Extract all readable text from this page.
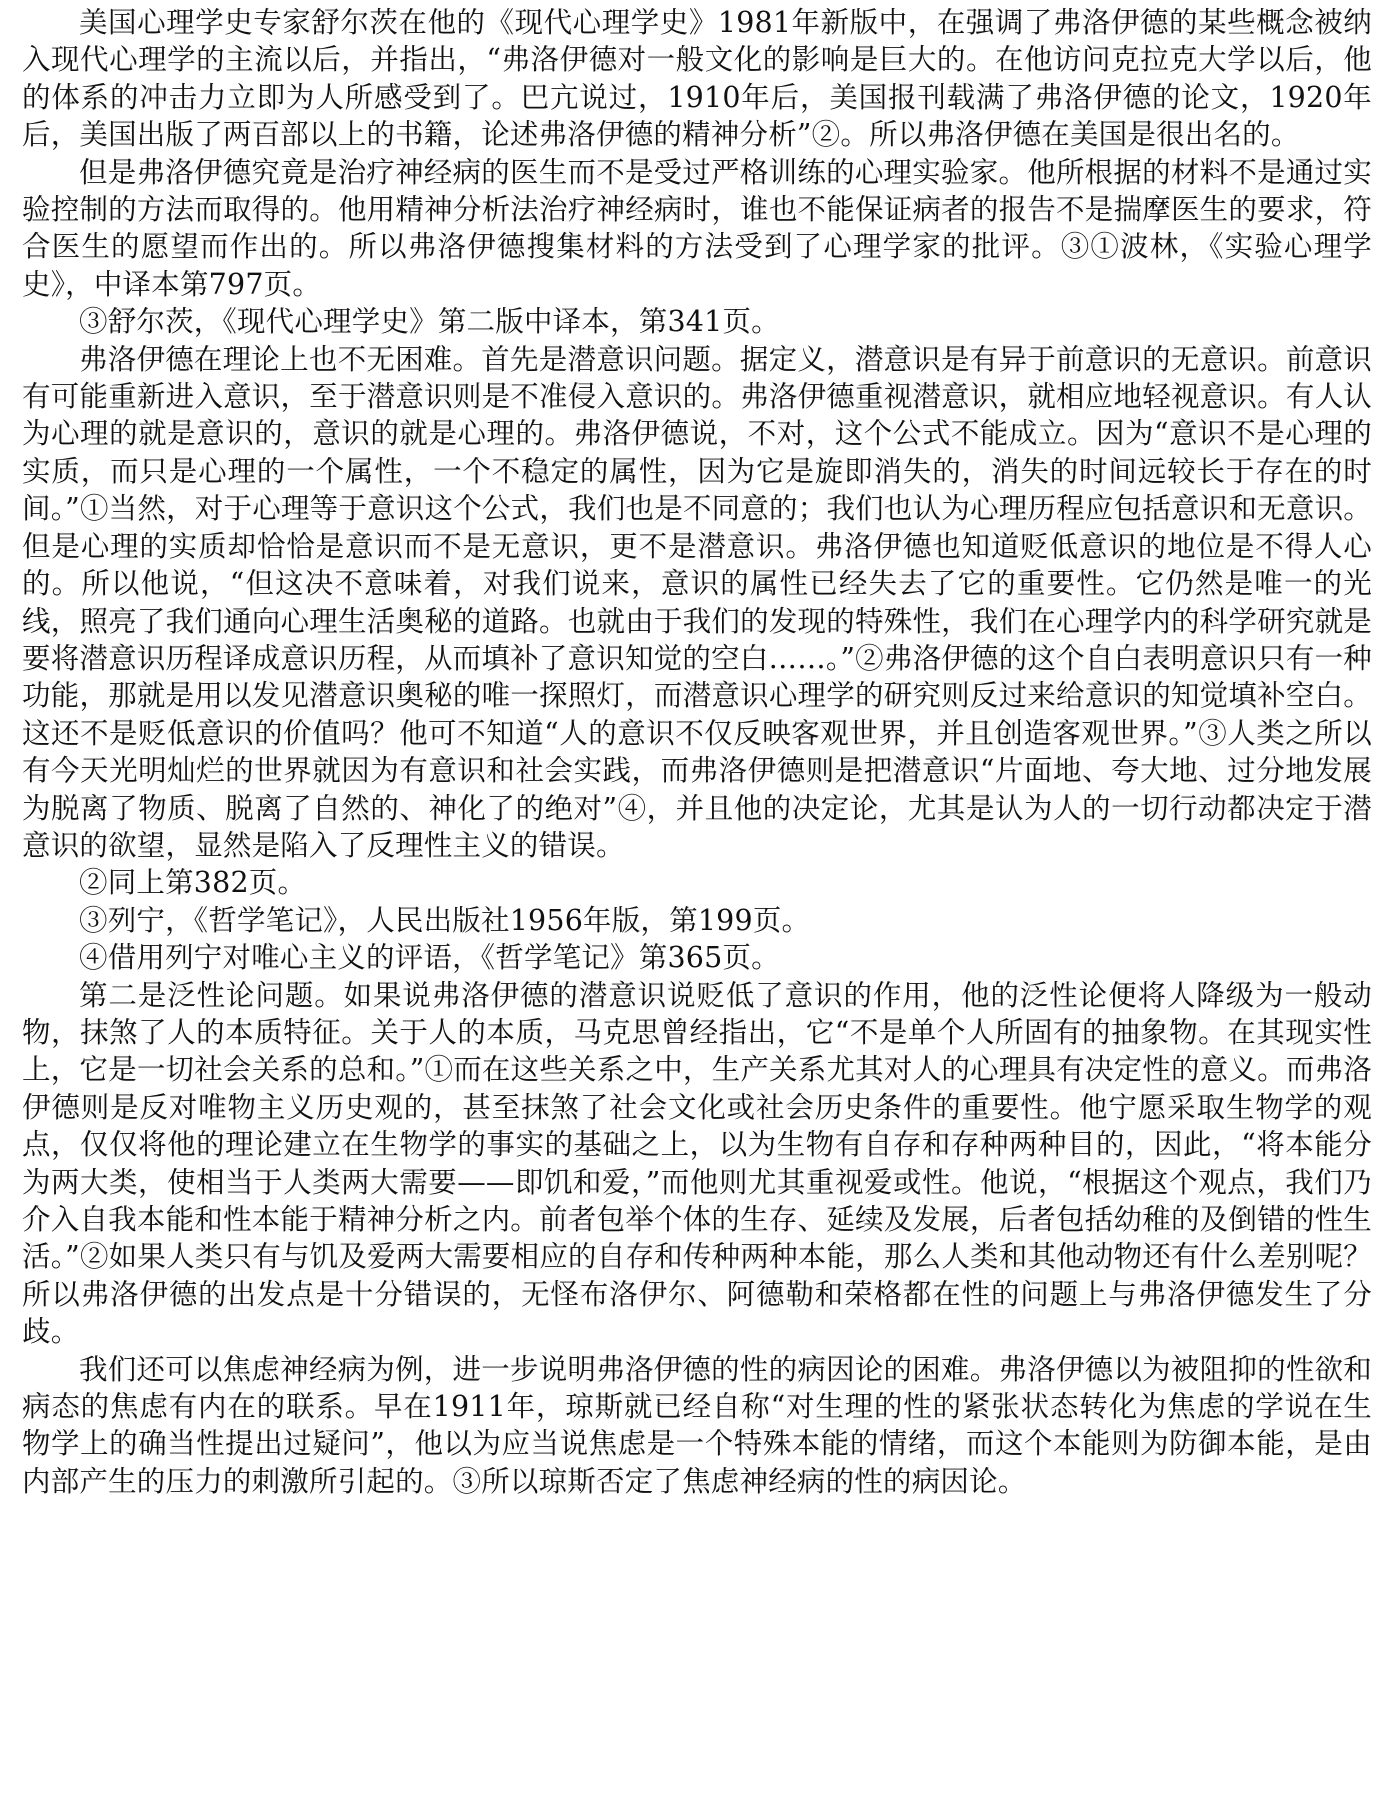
美国心理学史专家舒尔茨在他的《现代心理学史》1981年新版中，在强调了弗洛伊德的某些概念被纳入现代心理学的主流以后，并指出，“弗洛伊德对一般文化的影响是巨大的。在他访问克拉克大学以后，他的体系的冲击力立即为人所感受到了。巴亢说过，1910年后，美国报刊载满了弗洛伊德的论文，1920年后，美国出版了两百部以上的书籍，论述弗洛伊德的精神分析”②。所以弗洛伊德在美国是很出名的。

但是弗洛伊德究竟是治疗神经病的医生而不是受过严格训练的心理实验家。他所根据的材料不是通过实验控制的方法而取得的。他用精神分析法治疗神经病时，谁也不能保证病者的报告不是揣摩医生的要求，符合医生的愿望而作出的。所以弗洛伊德搜集材料的方法受到了心理学家的批评。③①波林，《实验心理学史》，中译本第797页。

③舒尔茨，《现代心理学史》第二版中译本，第341页。

弗洛伊德在理论上也不无困难。首先是潜意识问题。据定义，潜意识是有异于前意识的无意识。前意识有可能重新进入意识，至于潜意识则是不准侵入意识的。弗洛伊德重视潜意识，就相应地轻视意识。有人认为心理的就是意识的，意识的就是心理的。弗洛伊德说，不对，这个公式不能成立。因为“意识不是心理的实质，而只是心理的一个属性，一个不稳定的属性，因为它是旋即消失的，消失的时间远较长于存在的时间。”①当然，对于心理等于意识这个公式，我们也是不同意的；我们也认为心理历程应包括意识和无意识。但是心理的实质却恰恰是意识而不是无意识，更不是潜意识。弗洛伊德也知道贬低意识的地位是不得人心的。所以他说，“但这决不意味着，对我们说来，意识的属性已经失去了它的重要性。它仍然是唯一的光线，照亮了我们通向心理生活奥秘的道路。也就由于我们的发现的特殊性，我们在心理学内的科学研究就是要将潜意识历程译成意识历程，从而填补了意识知觉的空白……。”②弗洛伊德的这个自白表明意识只有一种功能，那就是用以发见潜意识奥秘的唯一探照灯，而潜意识心理学的研究则反过来给意识的知觉填补空白。这还不是贬低意识的价值吗？他可不知道“人的意识不仅反映客观世界，并且创造客观世界。”③人类之所以有今天光明灿烂的世界就因为有意识和社会实践，而弗洛伊德则是把潜意识“片面地、夸大地、过分地发展为脱离了物质、脱离了自然的、神化了的绝对”④，并且他的决定论，尤其是认为人的一切行动都决定于潜意识的欲望，显然是陷入了反理性主义的错误。

②同上第382页。

③列宁，《哲学笔记》，人民出版社1956年版，第199页。

④借用列宁对唯心主义的评语，《哲学笔记》第365页。

第二是泛性论问题。如果说弗洛伊德的潜意识说贬低了意识的作用，他的泛性论便将人降级为一般动物，抹煞了人的本质特征。关于人的本质，马克思曾经指出，它“不是单个人所固有的抽象物。在其现实性上，它是一切社会关系的总和。”①而在这些关系之中，生产关系尤其对人的心理具有决定性的意义。而弗洛伊德则是反对唯物主义历史观的，甚至抹煞了社会文化或社会历史条件的重要性。他宁愿采取生物学的观点，仅仅将他的理论建立在生物学的事实的基础之上，以为生物有自存和存种两种目的，因此，“将本能分为两大类，使相当于人类两大需要——即饥和爱，”而他则尤其重视爱或性。他说，“根据这个观点，我们乃介入自我本能和性本能于精神分析之内。前者包举个体的生存、延续及发展，后者包括幼稚的及倒错的性生活。”②如果人类只有与饥及爱两大需要相应的自存和传种两种本能，那么人类和其他动物还有什么差别呢？所以弗洛伊德的出发点是十分错误的，无怪布洛伊尔、阿德勒和荣格都在性的问题上与弗洛伊德发生了分歧。

我们还可以焦虑神经病为例，进一步说明弗洛伊德的性的病因论的困难。弗洛伊德以为被阻抑的性欲和病态的焦虑有内在的联系。早在1911年，琼斯就已经自称“对生理的性的紧张状态转化为焦虑的学说在生物学上的确当性提出过疑问”，他以为应当说焦虑是一个特殊本能的情绪，而这个本能则为防御本能，是由内部产生的压力的刺激所引起的。③所以琼斯否定了焦虑神经病的性的病因论。
